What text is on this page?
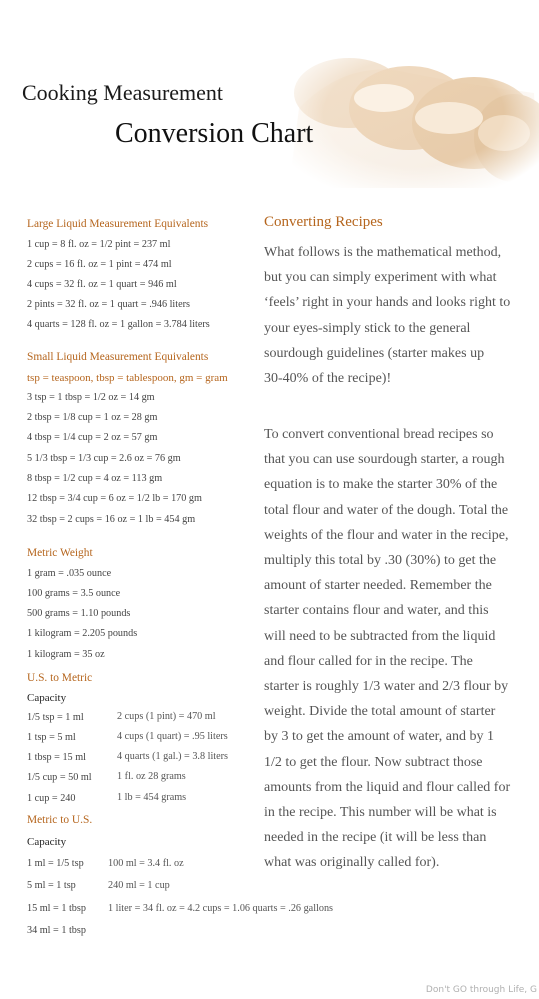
Cooking Measurement
Conversion Chart
Large Liquid Measurement Equivalents
1 cup = 8 fl. oz = 1/2 pint = 237 ml
2 cups = 16 fl. oz = 1 pint = 474 ml
4 cups = 32 fl. oz = 1 quart = 946 ml
2 pints = 32 fl. oz = 1 quart = .946 liters
4 quarts = 128 fl. oz = 1 gallon = 3.784 liters
Small Liquid Measurement Equivalents
tsp = teaspoon, tbsp = tablespoon, gm = gram
3 tsp = 1 tbsp = 1/2 oz = 14 gm
2 tbsp = 1/8 cup = 1 oz = 28 gm
4 tbsp = 1/4 cup = 2 oz = 57 gm
5 1/3 tbsp = 1/3 cup = 2.6 oz = 76 gm
8 tbsp = 1/2 cup = 4 oz = 113 gm
12 tbsp = 3/4 cup = 6 oz = 1/2 lb = 170 gm
32 tbsp = 2 cups = 16 oz = 1 lb = 454 gm
Metric Weight
1 gram = .035 ounce
100 grams = 3.5 ounce
500 grams = 1.10 pounds
1 kilogram = 2.205 pounds
1 kilogram = 35 oz
U.S. to Metric
Capacity
1/5 tsp = 1 ml
1 tsp = 5 ml
1 tbsp = 15 ml
1/5 cup = 50 ml
1 cup = 240
2 cups (1 pint) = 470 ml
4 cups (1 quart) = .95 liters
4 quarts (1 gal.) = 3.8 liters
1 fl. oz 28 grams
1 lb = 454 grams
Metric to U.S.
Capacity
1 ml = 1/5 tsp
5 ml = 1 tsp
15 ml = 1 tbsp
34 ml = 1 tbsp
100 ml = 3.4 fl. oz
240 ml = 1 cup
1 liter = 34 fl. oz = 4.2 cups = 1.06 quarts = .26 gallons
Converting Recipes
What follows is the mathematical method,
but you can simply experiment with what
‘feels’ right in your hands and looks right to
your eyes-simply stick to the general
sourdough guidelines (starter makes up
30-40% of the recipe)!
To convert conventional bread recipes so
that you can use sourdough starter, a rough
equation is to make the starter 30% of the
total flour and water of the dough. Total the
weights of the flour and water in the recipe,
multiply this total by .30 (30%) to get the
amount of starter needed. Remember the
starter contains flour and water, and this
will need to be subtracted from the liquid
and flour called for in the recipe. The
starter is roughly 1/3 water and 2/3 flour by
weight. Divide the total amount of starter
by 3 to get the amount of water, and by 1
1/2 to get the flour. Now subtract those
amounts from the liquid and flour called for
in the recipe. This number will be what is
needed in the recipe (it will be less than
what was originally called for).
Don't GO through Life, G
